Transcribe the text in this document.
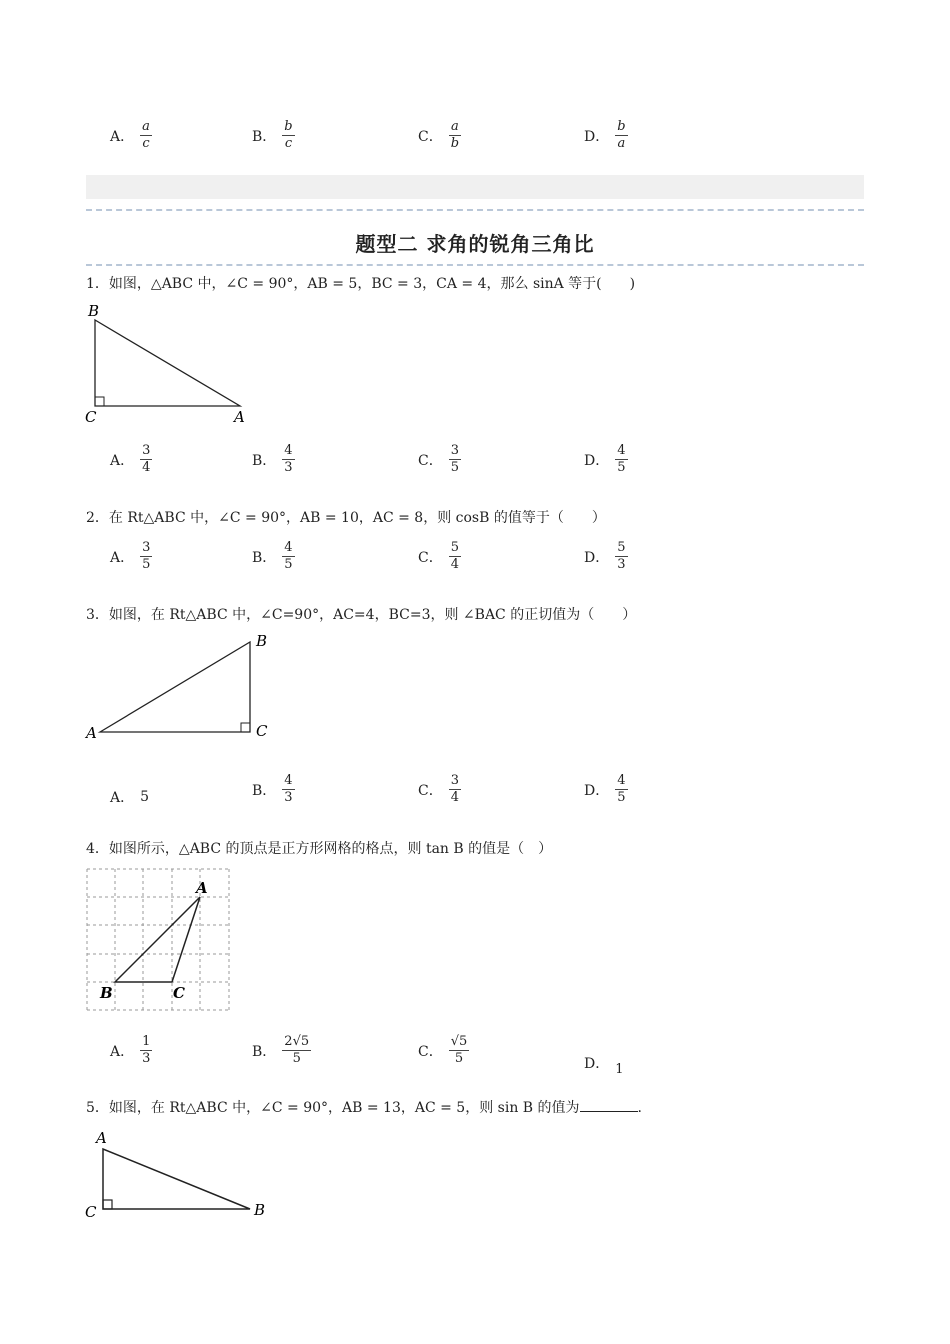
A． $\frac{a}{c}$	B． $\frac{b}{c}$	C． $\frac{a}{b}$	D． $\frac{b}{a}$
题型二 求角的锐角三角比
1．如图，△ABC 中，∠C = 90°，AB = 5，BC = 3，CA = 4，那么 sinA 等于(　　)
B
C	A
A． $\frac{3}{4}$	B． $\frac{4}{3}$	C． $\frac{3}{5}$	D． $\frac{4}{5}$
2．在 Rt△ABC 中，∠C = 90°，AB = 10，AC = 8，则 cosB 的值等于（　　）
A． $\frac{3}{5}$	B． $\frac{4}{5}$	C． $\frac{5}{4}$	D． $\frac{5}{3}$
3．如图，在 Rt△ABC 中，∠C=90°，AC=4，BC=3，则 ∠BAC 的正切值为（　　）
B
C
A
A． 5	B． $\frac{4}{3}$	C． $\frac{3}{4}$	D． $\frac{4}{5}$
4．如图所示，△ABC 的顶点是正方形网格的格点，则 tan B 的值是（　）
A
B	C
A． $\frac{1}{3}$	B． $\frac{2√5}{5}$	C． $\frac{√5}{5}$	D． 1
5．如图，在 Rt△ABC 中，∠C = 90°，AB = 13，AC = 5，则 sin B 的值为	.
A
C	B
